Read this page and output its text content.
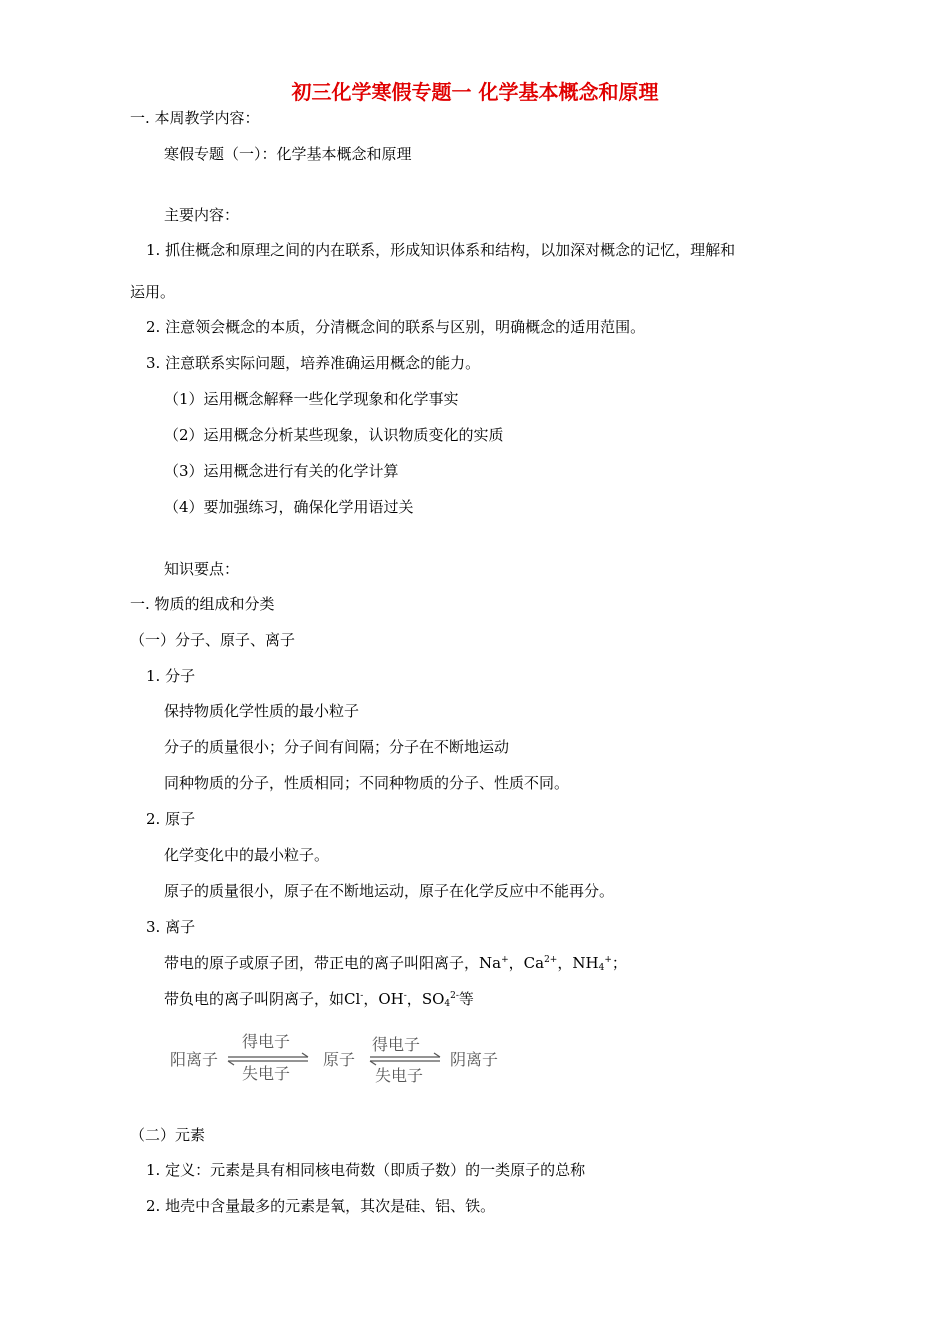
初三化学寒假专题一 化学基本概念和原理
一. 本周教学内容：
寒假专题（一）：化学基本概念和原理
主要内容：
1. 抓住概念和原理之间的内在联系，形成知识体系和结构，以加深对概念的记忆，理解和
运用。
2. 注意领会概念的本质，分清概念间的联系与区别，明确概念的适用范围。
3. 注意联系实际问题，培养准确运用概念的能力。
（1）运用概念解释一些化学现象和化学事实
（2）运用概念分析某些现象，认识物质变化的实质
（3）运用概念进行有关的化学计算
（4）要加强练习，确保化学用语过关
知识要点：
一. 物质的组成和分类
（一）分子、原子、离子
1. 分子
保持物质化学性质的最小粒子
分子的质量很小；分子间有间隔；分子在不断地运动
同种物质的分子，性质相同；不同种物质的分子、性质不同。
2. 原子
化学变化中的最小粒子。
原子的质量很小，原子在不断地运动，原子在化学反应中不能再分。
3. 离子
带电的原子或原子团，带正电的离子叫阳离子，Na+，$Ca^{2+}$，$NH_4^+$；
带负电的离子叫阴离子，如Cl-，OH-，$SO_4^{2-}$等
阳离子
得电子
失电子
原子
得电子
失电子
阴离子
（二）元素
1. 定义：元素是具有相同核电荷数（即质子数）的一类原子的总称
2. 地壳中含量最多的元素是氧，其次是硅、铝、铁。
